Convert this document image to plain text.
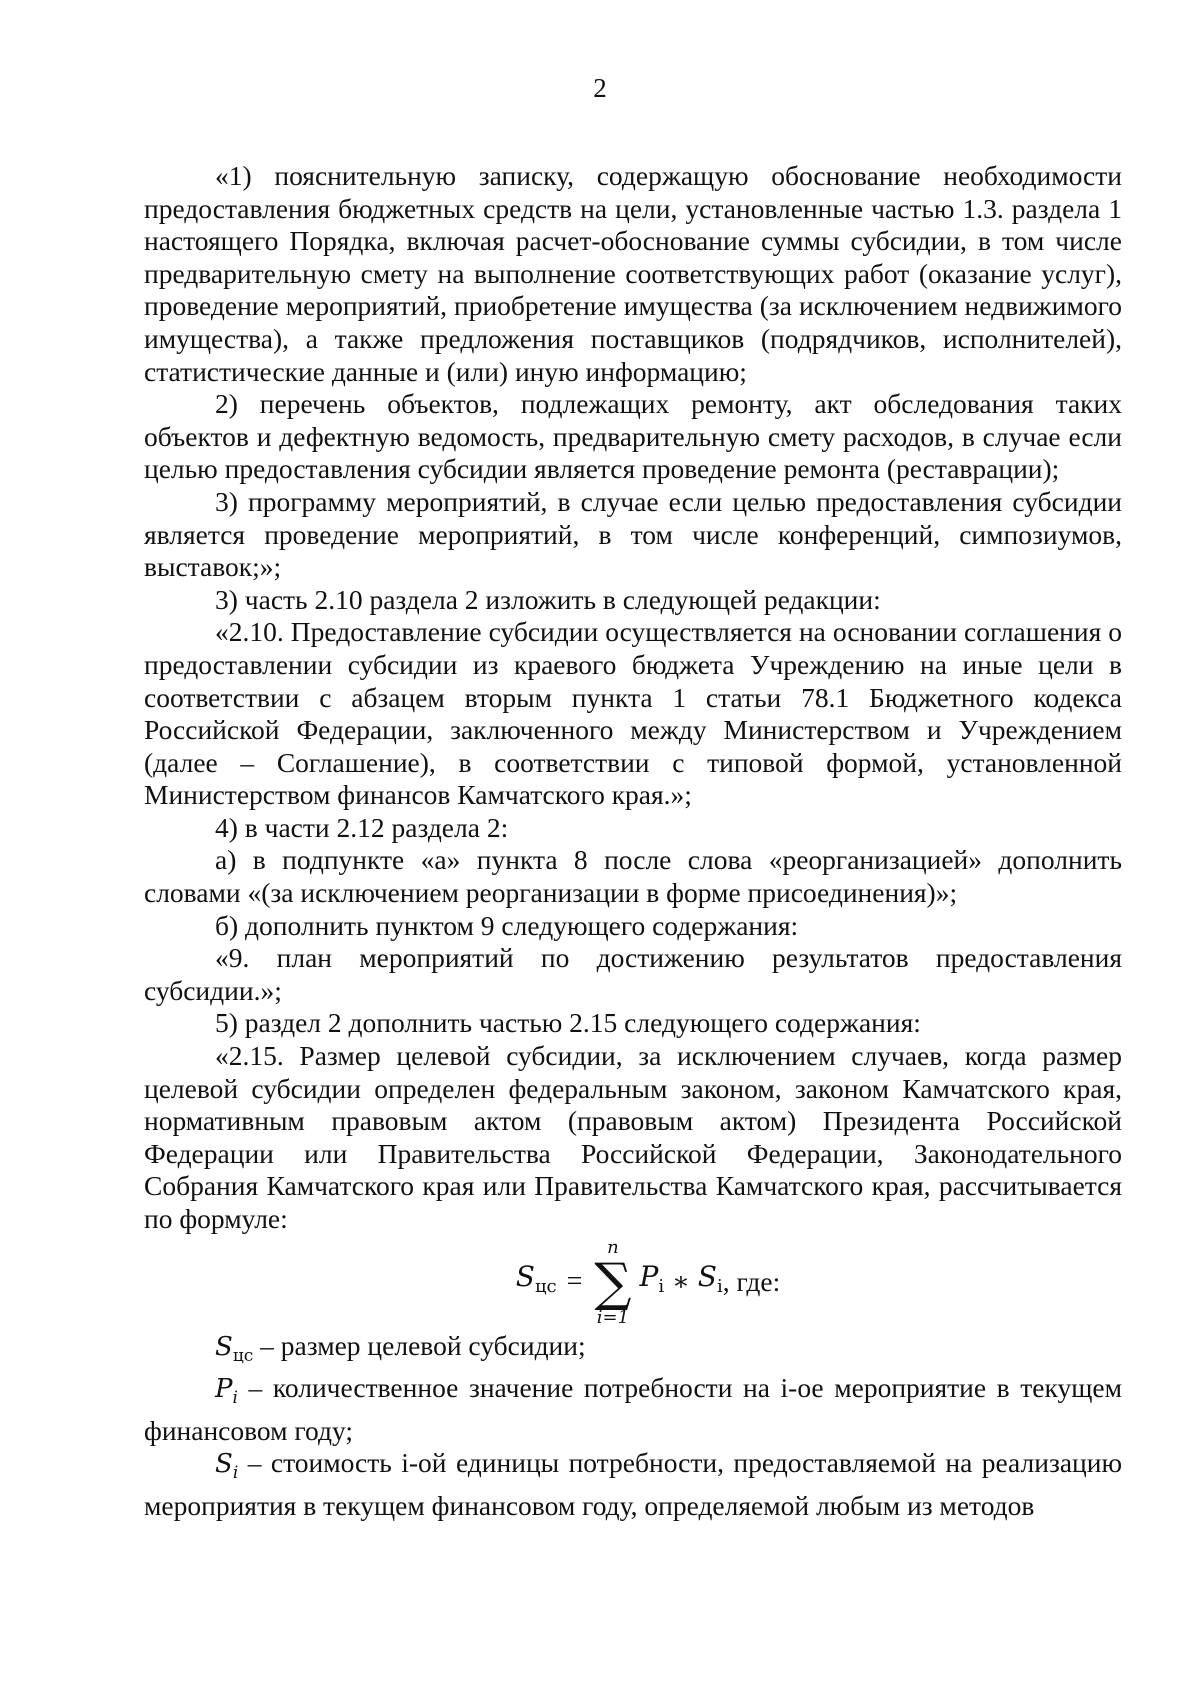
2

«1) пояснительную записку, содержащую обоснование необходимости предоставления бюджетных средств на цели, установленные частью 1.3. раздела 1 настоящего Порядка, включая расчет-обоснование суммы субсидии, в том числе предварительную смету на выполнение соответствующих работ (оказание услуг), проведение мероприятий, приобретение имущества (за исключением недвижимого имущества), а также предложения поставщиков (подрядчиков, исполнителей), статистические данные и (или) иную информацию;

2) перечень объектов, подлежащих ремонту, акт обследования таких объектов и дефектную ведомость, предварительную смету расходов, в случае если целью предоставления субсидии является проведение ремонта (реставрации);

3) программу мероприятий, в случае если целью предоставления субсидии является проведение мероприятий, в том числе конференций, симпозиумов, выставок;»;

3) часть 2.10 раздела 2 изложить в следующей редакции:

«2.10. Предоставление субсидии осуществляется на основании соглашения о предоставлении субсидии из краевого бюджета Учреждению на иные цели в соответствии с абзацем вторым пункта 1 статьи 78.1 Бюджетного кодекса Российской Федерации, заключенного между Министерством и Учреждением (далее – Соглашение), в соответствии с типовой формой, установленной Министерством финансов Камчатского края.»;

4) в части 2.12 раздела 2:

а) в подпункте «а» пункта 8 после слова «реорганизацией» дополнить словами «(за исключением реорганизации в форме присоединения)»;

б) дополнить пунктом 9 следующего содержания:

«9. план мероприятий по достижению результатов предоставления субсидии.»;

5) раздел 2 дополнить частью 2.15 следующего содержания:

«2.15. Размер целевой субсидии, за исключением случаев, когда размер целевой субсидии определен федеральным законом, законом Камчатского края, нормативным правовым актом (правовым актом) Президента Российской Федерации или Правительства Российской Федерации, Законодательного Собрания Камчатского края или Правительства Камчатского края, рассчитывается по формуле:

$S_{цс}$ =
n
∑
i=1
$P_i$ ∗ $S_i$ , где:

$S_{цс}$ – размер целевой субсидии;

$P_i$ – количественное значение потребности на i-ое мероприятие в текущем финансовом году;

$S_i$ – стоимость i-ой единицы потребности, предоставляемой на реализацию мероприятия в текущем финансовом году, определяемой любым из методов
